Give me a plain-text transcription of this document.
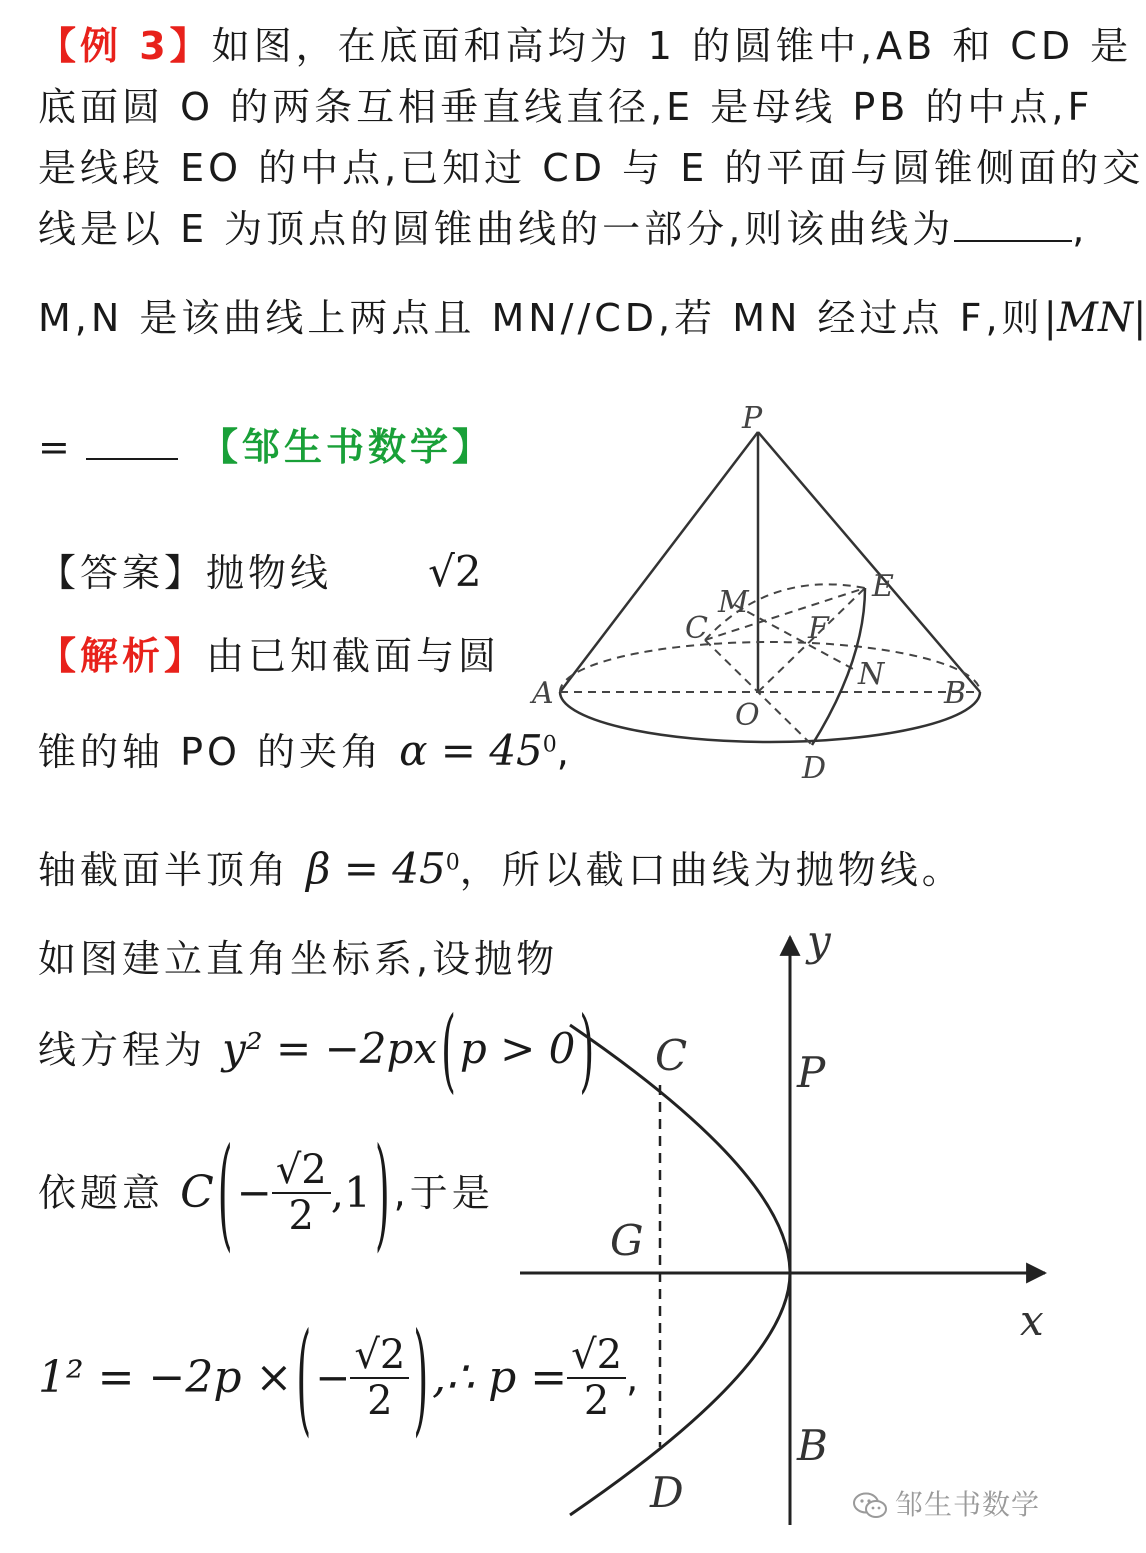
【例 3】如图，在底面和高均为 1 的圆锥中,AB 和 CD 是
底面圆 O 的两条互相垂直线直径,E 是母线 PB 的中点,F
是线段 EO 的中点,已知过 CD 与 E 的平面与圆锥侧面的交
线是以 E 为顶点的圆锥曲线的一部分,则该曲线为	,
M,N 是该曲线上两点且 MN//CD,若 MN 经过点 F,则|MN|
=	【邹生书数学】
【答案】抛物线 √2
【解析】由已知截面与圆
锥的轴 PO 的夹角 $\alpha = 45^0$,
轴截面半顶角 $\beta = 45^0$，所以截口曲线为抛物线。
如图建立直角坐标系,设抛物
线方程为 y² = −2px (p > 0 )
依题意 C (− $\frac{√2}{2} ,1$ ) ,于是
1² = −2p × (− $\frac{√2}{2}$ ),∴ $p = \frac{√2}{2}$ ,
P
M	E
C	F
N
A
O
B
D
y
x
C	P
G
B
D	邹生书数学
